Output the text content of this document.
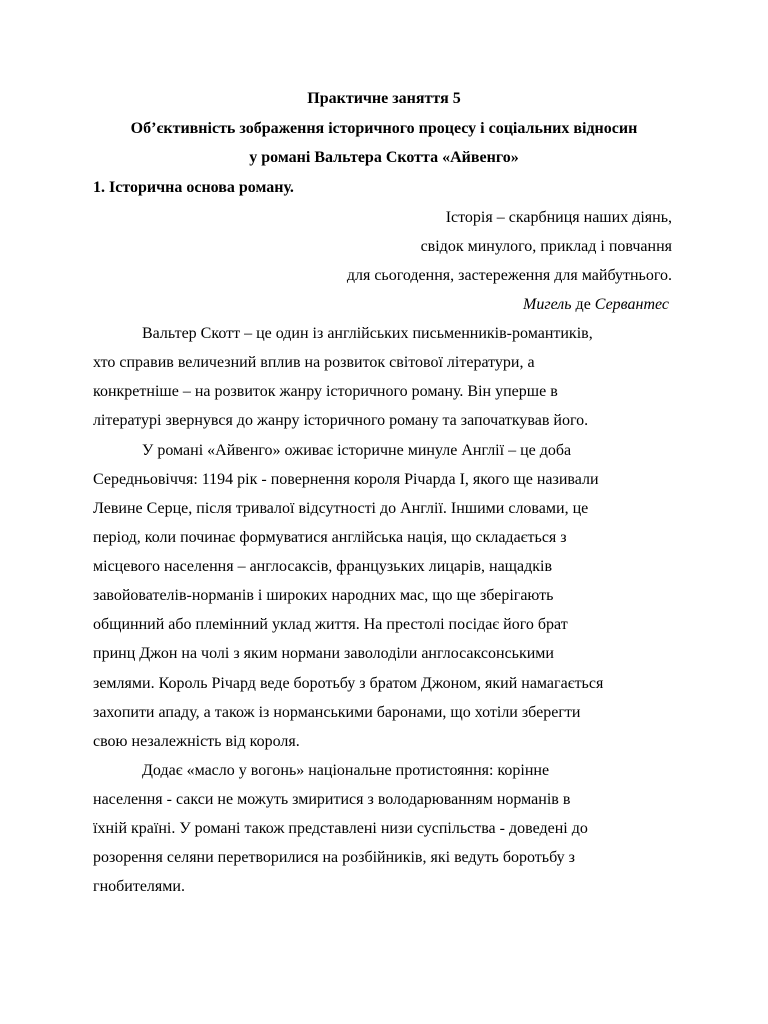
Практичне заняття 5
Об’єктивність зображення історичного процесу і соціальних відносин
у романі Вальтера Скотта «Айвенго»
1. Історична основа роману.
Історія – скарбниця наших діянь,
свідок минулого, приклад і повчання
для сьогодення, застереження для майбутнього.
Мигель де Сервантес
Вальтер Скотт – це один із англійських письменників-романтиків,
хто справив величезний вплив на розвиток світової літератури, а
конкретніше – на розвиток жанру історичного роману. Він уперше в
літературі звернувся до жанру історичного роману та започаткував його.
У романі «Айвенго» оживає історичне минуле Англії – це доба
Середньовіччя: 1194 рік - повернення короля Річарда I, якого ще називали
Левине Серце, після тривалої відсутності до Англії. Іншими словами, це
період, коли починає формуватися англійська нація, що складається з
місцевого населення – англосаксів, французьких лицарів, нащадків
завойователів-норманів і широких народних мас, що ще зберігають
общинний або племінний уклад життя. На престолі посідає його брат
принц Джон на чолі з яким нормани заволоділи англосаксонськими
землями. Король Річард веде боротьбу з братом Джоном, який намагається
захопити ападу, а також із норманськими баронами, що хотіли зберегти
свою незалежність від короля.
Додає «масло у вогонь» національне протистояння: корінне
населення - сакси не можуть змиритися з володарюванням норманів в
їхній країні. У романі також представлені низи суспільства - доведені до
розорення селяни перетворилися на розбійників, які ведуть боротьбу з
гнобителями.
